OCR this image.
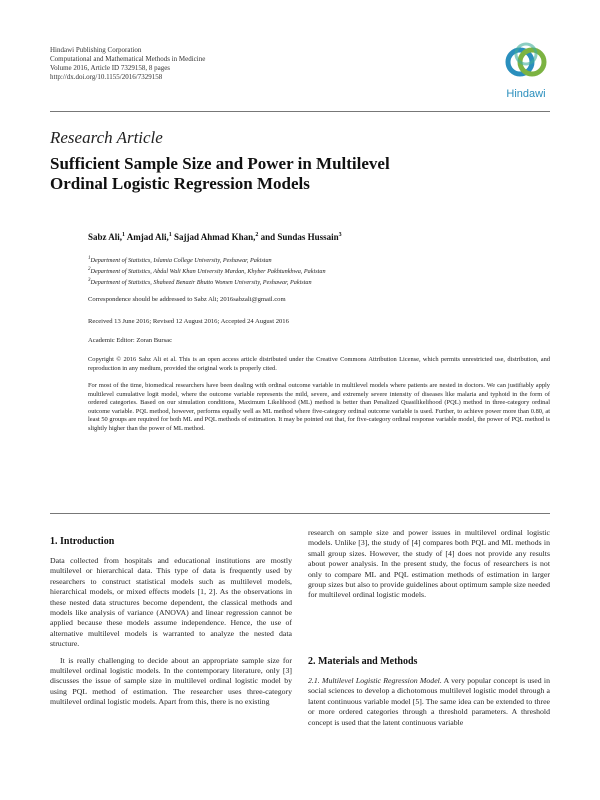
Hindawi Publishing Corporation
Computational and Mathematical Methods in Medicine
Volume 2016, Article ID 7329158, 8 pages
http://dx.doi.org/10.1155/2016/7329158
Hindawi
Research Article
Sufficient Sample Size and Power in Multilevel
Ordinal Logistic Regression Models
Sabz Ali,$^1$ Amjad Ali,$^1$ Sajjad Ahmad Khan,$^2$ and Sundas Hussain$^3$
$^1$Department of Statistics, Islamia College University, Peshawar, Pakistan
$^2$Department of Statistics, Abdul Wali Khan University Mardan, Khyber Pakhtunkhwa, Pakistan
$^3$Department of Statistics, Shaheed Benazir Bhutto Women University, Peshawar, Pakistan
Correspondence should be addressed to Sabz Ali; 2016sabzali@gmail.com
Received 13 June 2016; Revised 12 August 2016; Accepted 24 August 2016
Academic Editor: Zoran Bursac
Copyright © 2016 Sabz Ali et al. This is an open access article distributed under the Creative Commons Attribution License, which permits unrestricted use, distribution, and reproduction in any medium, provided the original work is properly cited.
For most of the time, biomedical researchers have been dealing with ordinal outcome variable in multilevel models where patients are nested in doctors. We can justifiably apply multilevel cumulative logit model, where the outcome variable represents the mild, severe, and extremely severe intensity of diseases like malaria and typhoid in the form of ordered categories. Based on our simulation conditions, Maximum Likelihood (ML) method is better than Penalized Quasilikelihood (PQL) method in three-category ordinal outcome variable. PQL method, however, performs equally well as ML method where five-category ordinal outcome variable is used. Further, to achieve power more than 0.80, at least 50 groups are required for both ML and PQL methods of estimation. It may be pointed out that, for five-category ordinal response variable model, the power of PQL method is slightly higher than the power of ML method.
1. Introduction

Data collected from hospitals and educational institutions are mostly multilevel or hierarchical data. This type of data is frequently used by researchers to construct statistical models such as multilevel models, hierarchical models, or mixed effects models [1, 2]. As the observations in these nested data structures become dependent, the classical methods and models like analysis of variance (ANOVA) and linear regression cannot be applied because these models assume independence. Hence, the use of alternative multilevel models is warranted to analyze the nested data structure.

It is really challenging to decide about an appropriate sample size for multilevel ordinal logistic models. In the contemporary literature, only [3] discusses the issue of sample size in multilevel ordinal logistic model by using PQL method of estimation. The researcher uses three-category multilevel ordinal logistic models. Apart from this, there is no existing

research on sample size and power issues in multilevel ordinal logistic models. Unlike [3], the study of [4] compares both PQL and ML methods in small group sizes. However, the study of [4] does not provide any results about power analysis. In the present study, the focus of researchers is not only to compare ML and PQL estimation methods of estimation in larger group sizes but also to provide guidelines about optimum sample size needed for multilevel ordinal logistic models.

2. Materials and Methods

2.1. Multilevel Logistic Regression Model. A very popular concept is used in social sciences to develop a dichotomous multilevel logistic model through a latent continuous variable model [5]. The same idea can be extended to three or more ordered categories through a threshold parameters. A threshold concept is used that the latent continuous variable
